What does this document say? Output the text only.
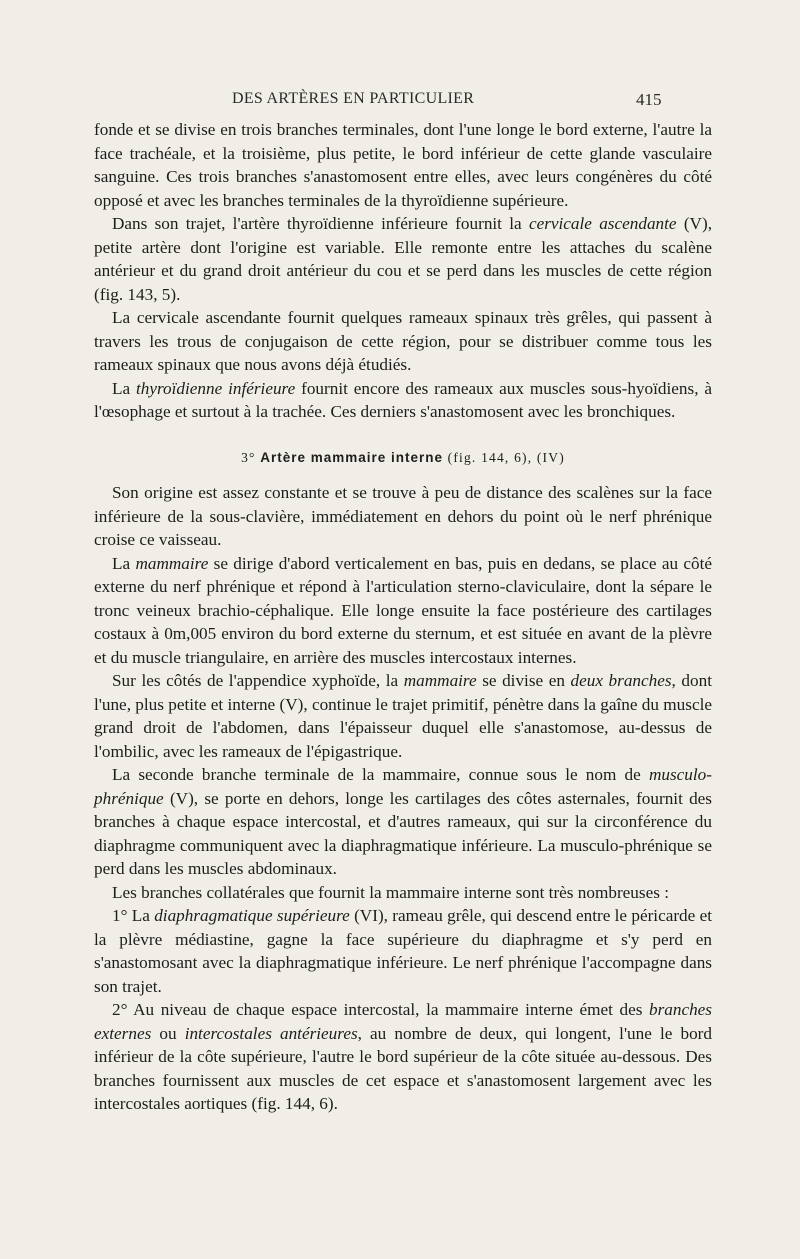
DES ARTÈRES EN PARTICULIER	415

fonde et se divise en trois branches terminales, dont l'une longe le bord externe, l'autre la face trachéale, et la troisième, plus petite, le bord inférieur de cette glande vasculaire sanguine. Ces trois branches s'anastomosent entre elles, avec leurs congénères du côté opposé et avec les branches terminales de la thyroïdienne supérieure.

Dans son trajet, l'artère thyroïdienne inférieure fournit la cervicale ascendante (V), petite artère dont l'origine est variable. Elle remonte entre les attaches du scalène antérieur et du grand droit antérieur du cou et se perd dans les muscles de cette région (fig. 143, 5).

La cervicale ascendante fournit quelques rameaux spinaux très grêles, qui passent à travers les trous de conjugaison de cette région, pour se distribuer comme tous les rameaux spinaux que nous avons déjà étudiés.

La thyroïdienne inférieure fournit encore des rameaux aux muscles sous-hyoïdiens, à l'œsophage et surtout à la trachée. Ces derniers s'anastomosent avec les bronchiques.

3° Artère mammaire interne (fig. 144, 6), (IV)

Son origine est assez constante et se trouve à peu de distance des scalènes sur la face inférieure de la sous-clavière, immédiatement en dehors du point où le nerf phrénique croise ce vaisseau.

La mammaire se dirige d'abord verticalement en bas, puis en dedans, se place au côté externe du nerf phrénique et répond à l'articulation sterno-claviculaire, dont la sépare le tronc veineux brachio-céphalique. Elle longe ensuite la face postérieure des cartilages costaux à 0m,005 environ du bord externe du sternum, et est située en avant de la plèvre et du muscle triangulaire, en arrière des muscles intercostaux internes.

Sur les côtés de l'appendice xyphoïde, la mammaire se divise en deux branches, dont l'une, plus petite et interne (V), continue le trajet primitif, pénètre dans la gaîne du muscle grand droit de l'abdomen, dans l'épaisseur duquel elle s'anastomose, au-dessus de l'ombilic, avec les rameaux de l'épigastrique.

La seconde branche terminale de la mammaire, connue sous le nom de musculo-phrénique (V), se porte en dehors, longe les cartilages des côtes asternales, fournit des branches à chaque espace intercostal, et d'autres rameaux, qui sur la circonférence du diaphragme communiquent avec la diaphragmatique inférieure. La musculo-phrénique se perd dans les muscles abdominaux.

Les branches collatérales que fournit la mammaire interne sont très nombreuses :

1° La diaphragmatique supérieure (VI), rameau grêle, qui descend entre le péricarde et la plèvre médiastine, gagne la face supérieure du diaphragme et s'y perd en s'anastomosant avec la diaphragmatique inférieure. Le nerf phrénique l'accompagne dans son trajet.

2° Au niveau de chaque espace intercostal, la mammaire interne émet des branches externes ou intercostales antérieures, au nombre de deux, qui longent, l'une le bord inférieur de la côte supérieure, l'autre le bord supérieur de la côte située au-dessous. Des branches fournissent aux muscles de cet espace et s'anastomosent largement avec les intercostales aortiques (fig. 144, 6).
